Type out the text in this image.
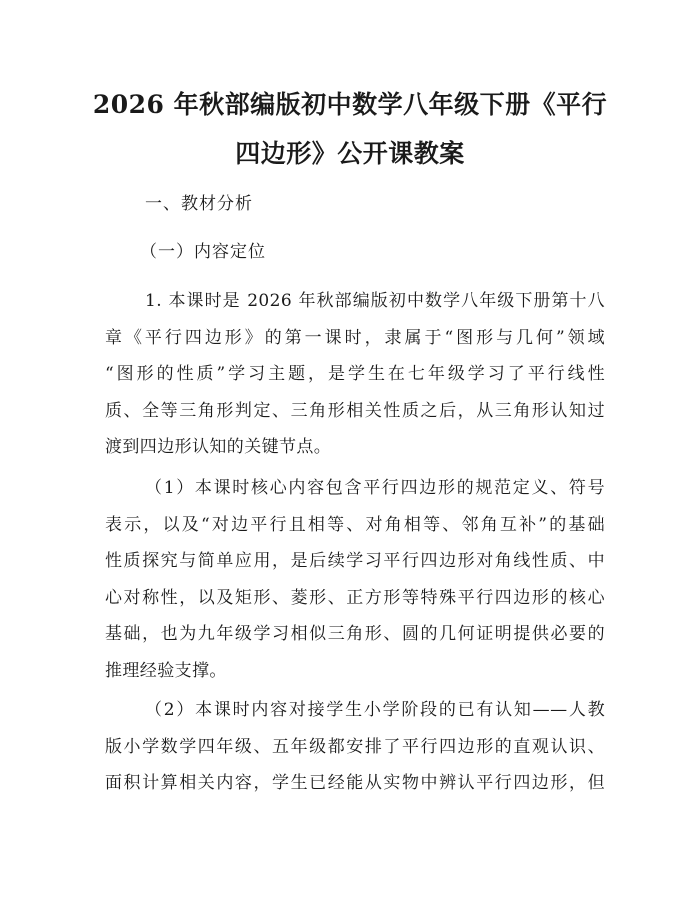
2026 年秋部编版初中数学八年级下册《平行
四边形》公开课教案

一、教材分析

（一）内容定位

1. 本课时是 2026 年秋部编版初中数学八年级下册第十八
章《平行四边形》的第一课时，隶属于“图形与几何”领域
“图形的性质”学习主题，是学生在七年级学习了平行线性
质、全等三角形判定、三角形相关性质之后，从三角形认知过
渡到四边形认知的关键节点。
（1）本课时核心内容包含平行四边形的规范定义、符号
表示，以及“对边平行且相等、对角相等、邻角互补”的基础
性质探究与简单应用，是后续学习平行四边形对角线性质、中
心对称性，以及矩形、菱形、正方形等特殊平行四边形的核心
基础，也为九年级学习相似三角形、圆的几何证明提供必要的
推理经验支撑。
（2）本课时内容对接学生小学阶段的已有认知——人教
版小学数学四年级、五年级都安排了平行四边形的直观认识、
面积计算相关内容，学生已经能从实物中辨认平行四边形，但
